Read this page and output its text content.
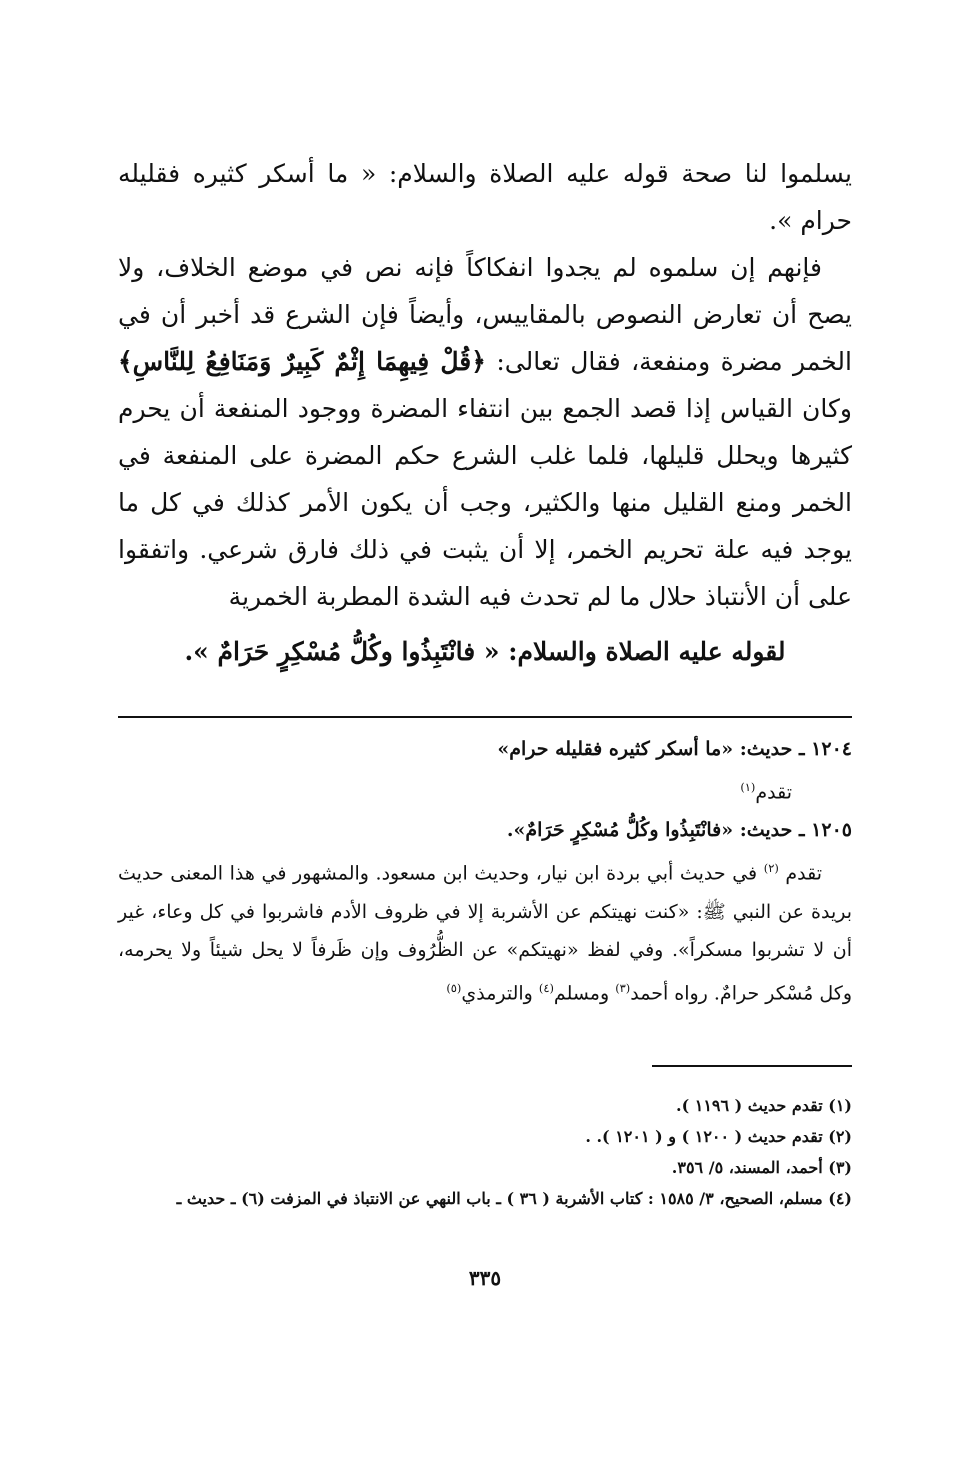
يسلموا لنا صحة قوله عليه الصلاة والسلام: « ما أسكر كثيره فقليله حرام ».

فإنهم إن سلموه لم يجدوا انفكاكاً فإنه نص في موضع الخلاف، ولا يصح أن تعارض النصوص بالمقاييس، وأيضاً فإن الشرع قد أخبر أن في الخمر مضرة ومنفعة، فقال تعالى: ﴿قُلْ فِيهِمَا إِثْمٌ كَبِيرٌ وَمَنَافِعُ لِلنَّاسِ﴾ وكان القياس إذا قصد الجمع بين انتفاء المضرة ووجود المنفعة أن يحرم كثيرها ويحلل قليلها، فلما غلب الشرع حكم المضرة على المنفعة في الخمر ومنع القليل منها والكثير، وجب أن يكون الأمر كذلك في كل ما يوجد فيه علة تحريم الخمر، إلا أن يثبت في ذلك فارق شرعي. واتفقوا على أن الأنتباذ حلال ما لم تحدث فيه الشدة المطربة الخمرية

لقوله عليه الصلاة والسلام: « فانْتَبِذُوا وكُلُّ مُسْكِرٍ حَرَامٌ ».

١٢٠٤ ـ حديث: «ما أسكر كثيره فقليله حرام»

تقدم$^{(١)}$

١٢٠٥ ـ حديث: «فانْتَبِذُوا وكُلُّ مُسْكِرٍ حَرَامٌ».

تقدم $^{(٢)}$ في حديث أبي بردة ابن نيار، وحديث ابن مسعود. والمشهور في هذا المعنى حديث بريدة عن النبي ﷺ: «كنت نهيتكم عن الأشربة إلا في ظروف الأدم فاشربوا في كل وعاء، غير أن لا تشربوا مسكراً». وفي لفظ «نهيتكم» عن الظُّرُوف وإن ظَرفاً لا يحل شيئاً ولا يحرمه، وكل مُسْكر حرامٌ. رواه أحمد$^{(٣)}$ ومسلم$^{(٤)}$ والترمذي$^{(٥)}$

(١) تقدم حديث ( ١١٩٦ ).

(٢) تقدم حديث ( ١٢٠٠ ) و ( ١٢٠١ ). .

(٣) أحمد، المسند، ٥/ ٣٥٦.

(٤) مسلم، الصحيح، ٣/ ١٥٨٥ : كتاب الأشربة ( ٣٦ ) ـ باب النهي عن الانتباذ في المزفت (٦) ـ حديث ـ

٣٣٥
